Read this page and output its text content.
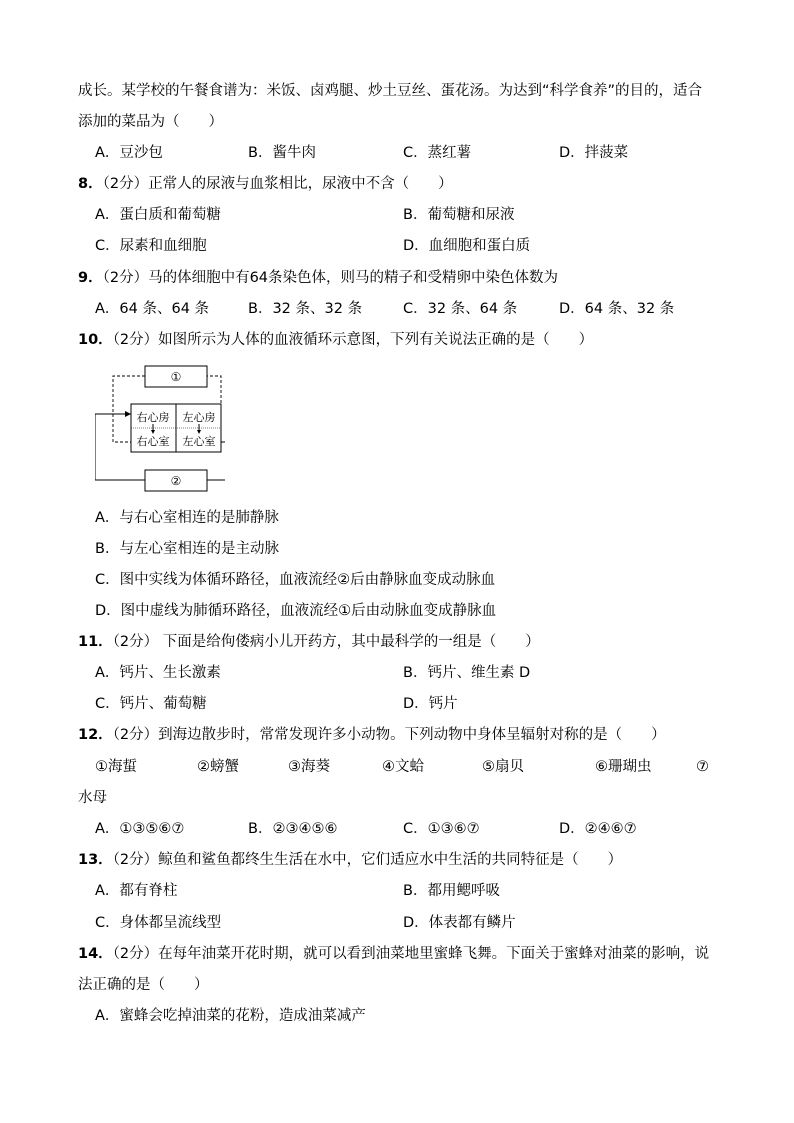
成长。某学校的午餐食谱为：米饭、卤鸡腿、炒土豆丝、蛋花汤。为达到“科学食养”的目的，适合
添加的菜品为（　　）
A．豆沙包	B．酱牛肉	C．蒸红薯	D．拌菠菜
8．（2分）正常人的尿液与血浆相比，尿液中不含（　　）
A．蛋白质和葡萄糖	B．葡萄糖和尿液
C．尿素和血细胞	D．血细胞和蛋白质
9．（2分）马的体细胞中有64条染色体，则马的精子和受精卵中染色体数为
A．64 条、64 条	B．32 条、32 条	C．32 条、64 条	D．64 条、32 条
10．（2分）如图所示为人体的血液循环示意图，下列有关说法正确的是（　　）
①
右心房 左心房
右心室 左心室
②
A．与右心室相连的是肺静脉
B．与左心室相连的是主动脉
C．图中实线为体循环路径，血液流经②后由静脉血变成动脉血
D．图中虚线为肺循环路径，血液流经①后由动脉血变成静脉血
11．（2分） 下面是给佝偻病小儿开药方，其中最科学的一组是（　　）
A．钙片、生长激素	B．钙片、维生素 D
C．钙片、葡萄糖	D．钙片
12．（2分）到海边散步时，常常发现许多小动物。下列动物中身体呈辐射对称的是（　　）
①海蜇	②螃蟹	③海葵	④文蛤	⑤扇贝	⑥珊瑚虫	⑦
水母
A．①③⑤⑥⑦	B．②③④⑤⑥	C．①③⑥⑦	D．②④⑥⑦
13．（2分）鲸鱼和鲨鱼都终生生活在水中，它们适应水中生活的共同特征是（　　）
A．都有脊柱	B．都用鳃呼吸
C．身体都呈流线型	D．体表都有鳞片
14．（2分）在每年油菜开花时期，就可以看到油菜地里蜜蜂飞舞。下面关于蜜蜂对油菜的影响，说
法正确的是（　　）
A．蜜蜂会吃掉油菜的花粉，造成油菜减产
